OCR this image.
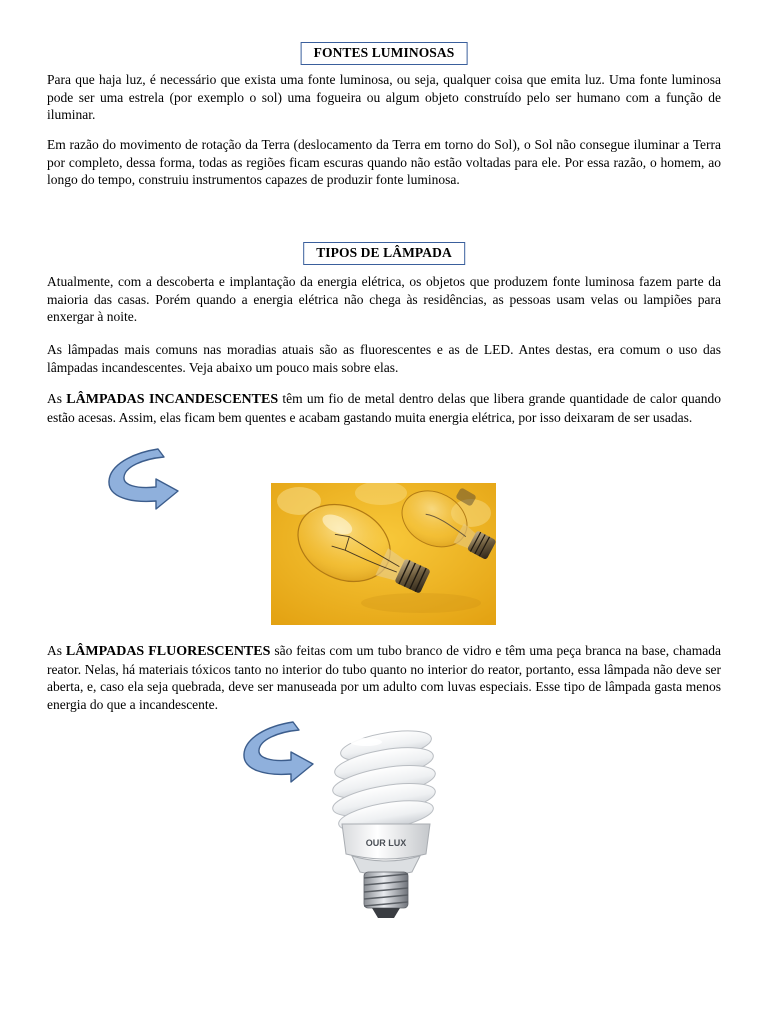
FONTES LUMINOSAS

Para que haja luz, é necessário que exista uma fonte luminosa, ou seja, qualquer coisa que emita luz. Uma fonte luminosa pode ser uma estrela (por exemplo o sol) uma fogueira ou algum objeto construído pelo ser humano com a função de iluminar.

Em razão do movimento de rotação da Terra (deslocamento da Terra em torno do Sol), o Sol não consegue iluminar a Terra por completo, dessa forma, todas as regiões ficam escuras quando não estão voltadas para ele. Por essa razão, o homem, ao longo do tempo, construiu instrumentos capazes de produzir fonte luminosa.

TIPOS DE LÂMPADA

Atualmente, com a descoberta e implantação da energia elétrica, os objetos que produzem fonte luminosa fazem parte da maioria das casas. Porém quando a energia elétrica não chega às residências, as pessoas usam velas ou lampiões para enxergar à noite.

As lâmpadas mais comuns nas moradias atuais são as fluorescentes e as de LED. Antes destas, era comum o uso das lâmpadas incandescentes. Veja abaixo um pouco mais sobre elas.

As LÂMPADAS INCANDESCENTES têm um fio de metal dentro delas que libera grande quantidade de calor quando estão acesas. Assim, elas ficam bem quentes e acabam gastando muita energia elétrica, por isso deixaram de ser usadas.

As LÂMPADAS FLUORESCENTES são feitas com um tubo branco de vidro e têm uma peça branca na base, chamada reator. Nelas, há materiais tóxicos tanto no interior do tubo quanto no interior do reator, portanto, essa lâmpada não deve ser aberta, e, caso ela seja quebrada, deve ser manuseada por um adulto com luvas especiais. Esse tipo de lâmpada gasta menos energia do que a incandescente.

OUR LUX
